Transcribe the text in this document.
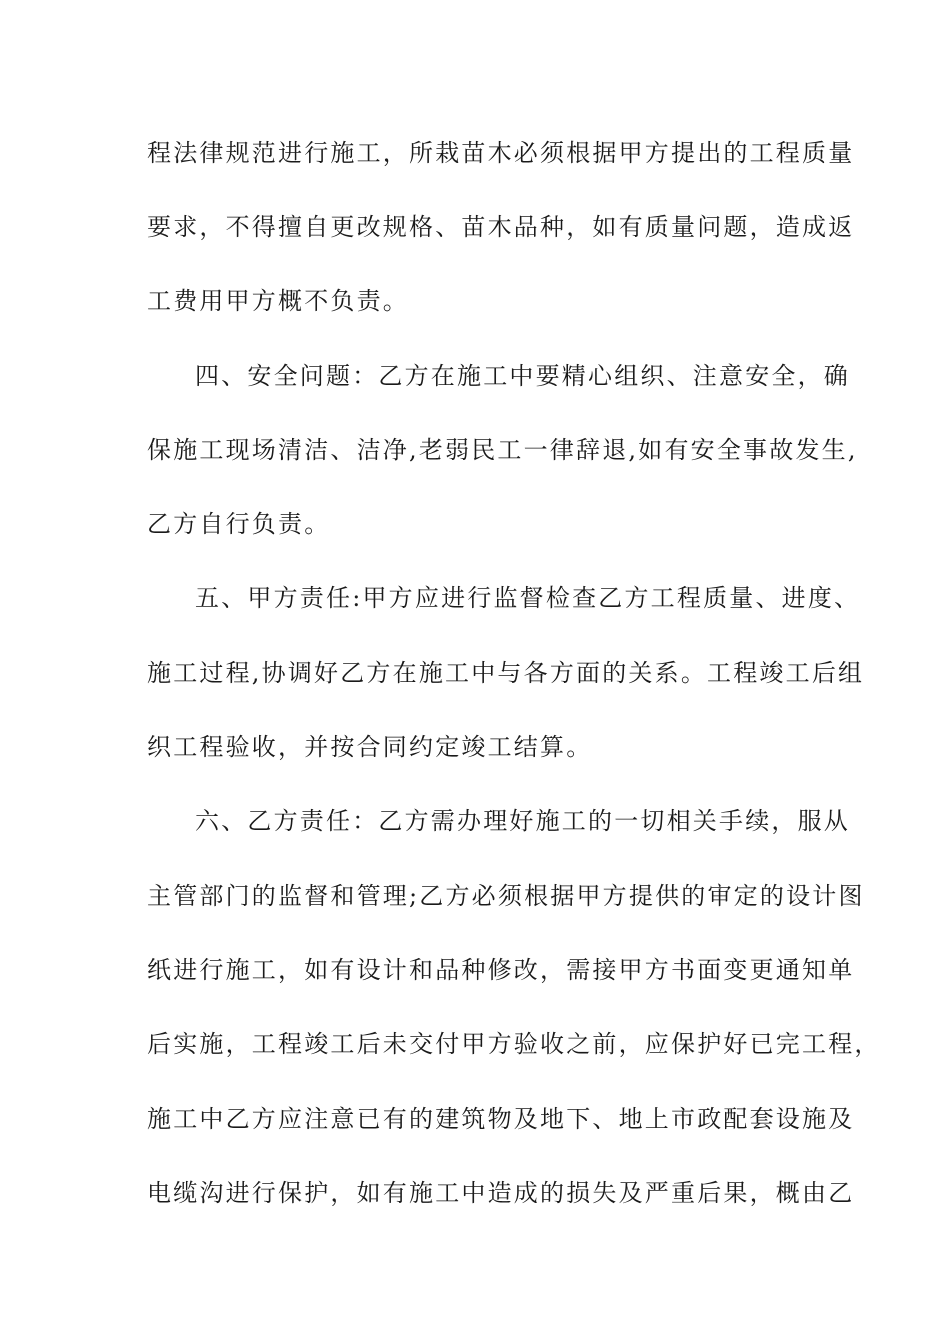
程法律规范进行施工，所栽苗木必须根据甲方提出的工程质量
要求，不得擅自更改规格、苗木品种，如有质量问题，造成返
工费用甲方概不负责。
四、安全问题：乙方在施工中要精心组织、注意安全，确
保施工现场清洁、洁净,老弱民工一律辞退,如有安全事故发生,
乙方自行负责。
五、甲方责任:甲方应进行监督检查乙方工程质量、进度、
施工过程,协调好乙方在施工中与各方面的关系。工程竣工后组
织工程验收，并按合同约定竣工结算。
六、乙方责任：乙方需办理好施工的一切相关手续，服从
主管部门的监督和管理;乙方必须根据甲方提供的审定的设计图
纸进行施工，如有设计和品种修改，需接甲方书面变更通知单
后实施，工程竣工后未交付甲方验收之前，应保护好已完工程，
施工中乙方应注意已有的建筑物及地下、地上市政配套设施及
电缆沟进行保护，如有施工中造成的损失及严重后果，概由乙
